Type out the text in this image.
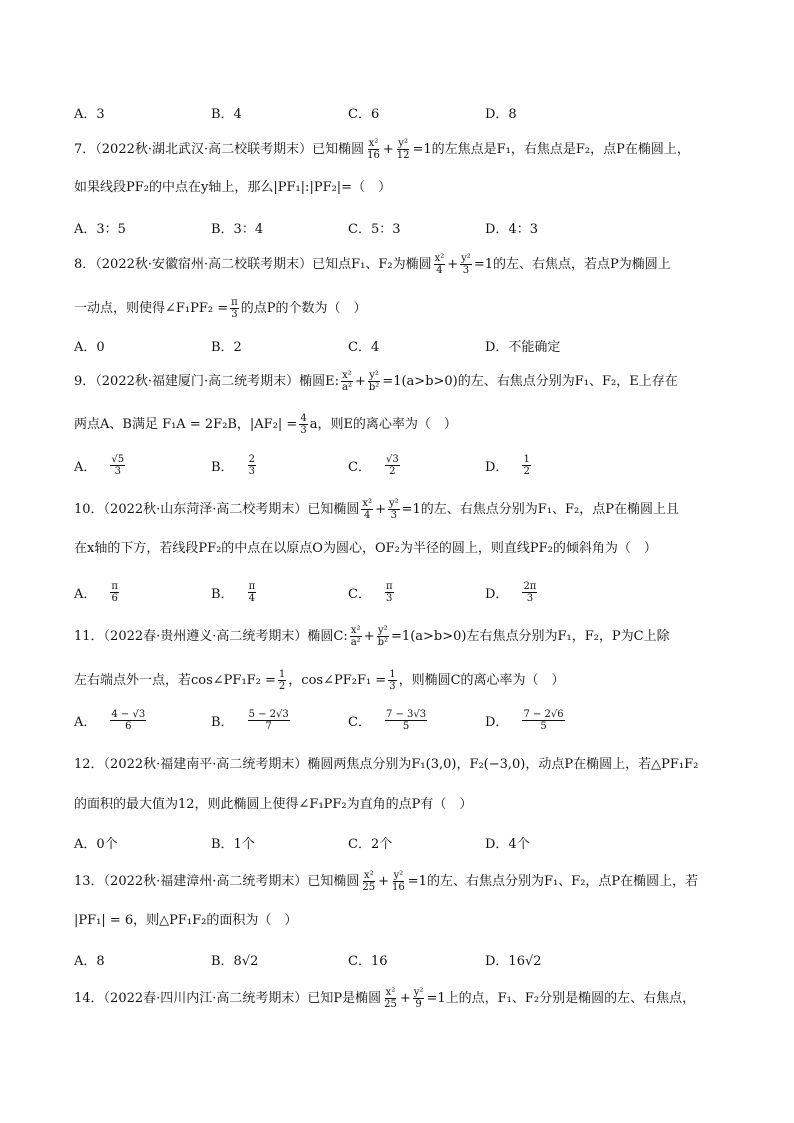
A．3	B．4	C．6	D．8
7．（2022秋·湖北武汉·高二校联考期末）已知椭圆 $\frac{\text{x²}}{16} + \frac{\text{y²}}{12} =1$的左焦点是F₁，右焦点是F₂，点P在椭圆上，
如果线段PF₂的中点在y轴上，那么|PF₁|:|PF₂|=（　）
A．3：5	B．3：4	C．5：3	D．4：3
8．（2022秋·安徽宿州·高二校联考期末）已知点F₁、F₂为椭圆 $\frac{\text{x²}}{4} + \frac{\text{y²}}{3} =1$的左、右焦点，若点P为椭圆上
一动点，则使得∠F₁PF₂ = $\frac{\pi}{3}$ 的点P的个数为（　）
A．0	B．2	C．4	D．不能确定
9．（2022秋·福建厦门·高二统考期末）椭圆E: $\frac{\text{x²}}{\text{a²}} + \frac{\text{y²}}{\text{b²}} =1(a>b>0)$的左、右焦点分别为F₁、F₂，E上存在
两点A、B满足 F₁A = 2F₂B，$|AF_2| = \frac{4}{3}$ a，则E的离心率为（　）
A． $\frac{√5}{3}$	B． $\frac{2}{3}$	C． $\frac{√3}{2}$	D． $\frac{1}{2}$
10．（2022秋·山东菏泽·高二校考期末）已知椭圆 $\frac{\text{x²}}{4} + \frac{\text{y²}}{3} =1$的左、右焦点分别为F₁、F₂，点P在椭圆上且
在x轴的下方，若线段PF₂的中点在以原点O为圆心，OF₂为半径的圆上，则直线PF₂的倾斜角为（　）
A． $\frac{\pi}{6}$	B． $\frac{\pi}{4}$	C． $\frac{\pi}{3}$	D． $\frac{2\pi}{3}$
11．（2022春·贵州遵义·高二统考期末）椭圆C: $\frac{\text{x²}}{\text{a²}} + \frac{\text{y²}}{\text{b²}} =1(a>b>0)$左右焦点分别为F₁，F₂，P为C上除
左右端点外一点，若cos∠PF₁F₂ = $\frac{1}{2}$ ，cos∠PF₂F₁ = $\frac{1}{3}$ ，则椭圆C的离心率为（　）
A． $\frac{4 - √3}{6}$	B． $\frac{5 - 2√3}{7}$	C． $\frac{7 - 3√3}{5}$	D． $\frac{7 - 2√6}{5}$
12．（2022秋·福建南平·高二统考期末）椭圆两焦点分别为F₁(3,0)，F₂(−3,0)，动点P在椭圆上，若△PF₁F₂
的面积的最大值为12，则此椭圆上使得∠F₁PF₂为直角的点P有（　）
A．0个	B．1个	C．2个	D．4个
13．（2022秋·福建漳州·高二统考期末）已知椭圆 $\frac{\text{x²}}{25} + \frac{\text{y²}}{16} =1$的左、右焦点分别为F₁、F₂，点P在椭圆上，若
|PF₁| = 6，则△PF₁F₂的面积为（　）
A．8	B．8√2	C．16	D．16√2
14．（2022春·四川内江·高二统考期末）已知P是椭圆 $\frac{\text{x²}}{25} + \frac{\text{y²}}{9} =1$上的点，F₁、F₂分别是椭圆的左、右焦点，
